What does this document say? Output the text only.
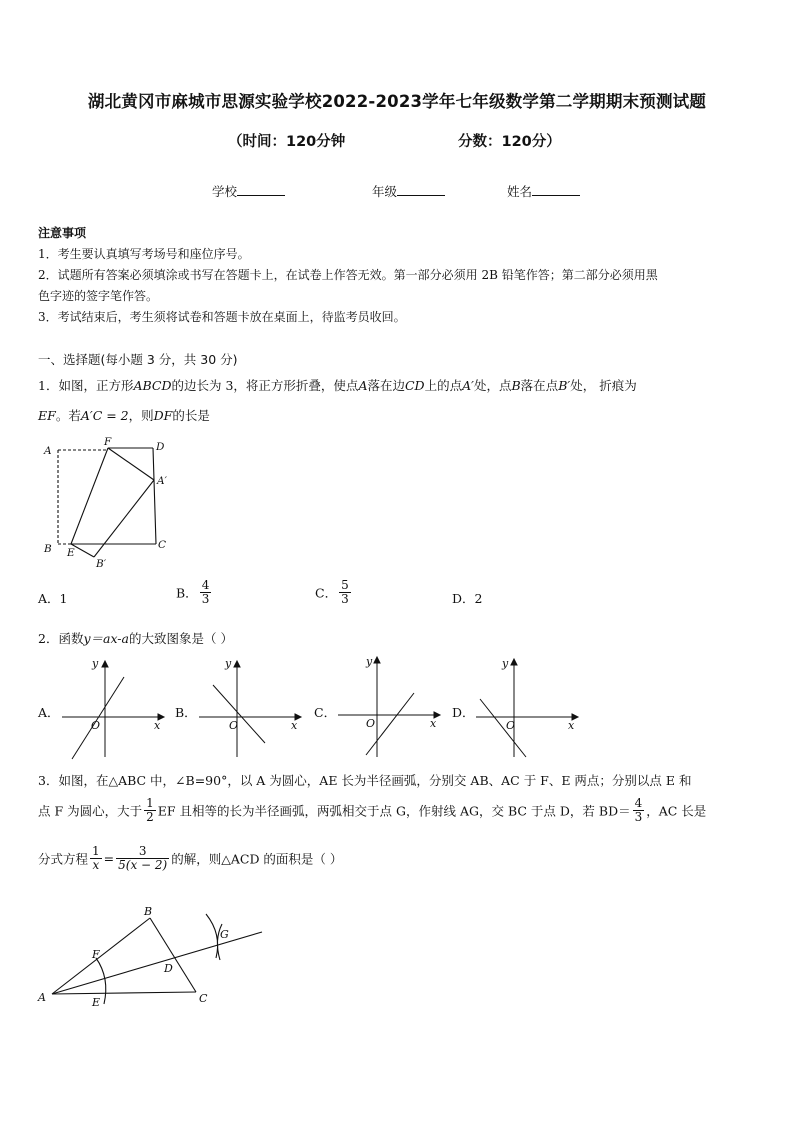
湖北黄冈市麻城市思源实验学校2022-2023学年七年级数学第二学期期末预测试题
（时间：120分钟	分数：120分）
学校	年级	姓名
注意事项
1．考生要认真填写考场号和座位序号。
2．试题所有答案必须填涂或书写在答题卡上，在试卷上作答无效。第一部分必须用 2B 铅笔作答；第二部分必须用黑
色字迹的签字笔作答。
3．考试结束后，考生须将试卷和答题卡放在桌面上，待监考员收回。
一、选择题(每小题 3 分，共 30 分)
1．如图，正方形ABCD的边长为 3，将正方形折叠，使点A落在边CD上的点A′处，点B落在点B′处， 折痕为
EF。若A′C = 2，则DF的长是
A
F	D
A′
B E
C
B′
A．1	B． $\frac{4}{3}$	C． $\frac{5}{3}$	D．2
2．函数y＝ax-a的大致图象是（ ）
A．	B．	C．	D．
y
x
O
y
x
O
y
x
O
y
x
O
3．如图，在△ABC 中，∠B=90°，以 A 为圆心，AE 长为半径画弧，分别交 AB、AC 于 F、E 两点；分别以点 E 和
点 F 为圆心，大于 $\frac{1}{2}$ EF 且相等的长为半径画弧，两弧相交于点 G，作射线 AG，交 BC 于点 D，若 $BD= \frac{4}{3}$ ，AC 长是
分式方程 $\frac{1}{x} = \frac{3}{5(x - 2)}$ 的解，则△ACD 的面积是（ ）
A
B
C
D
E
F
G
